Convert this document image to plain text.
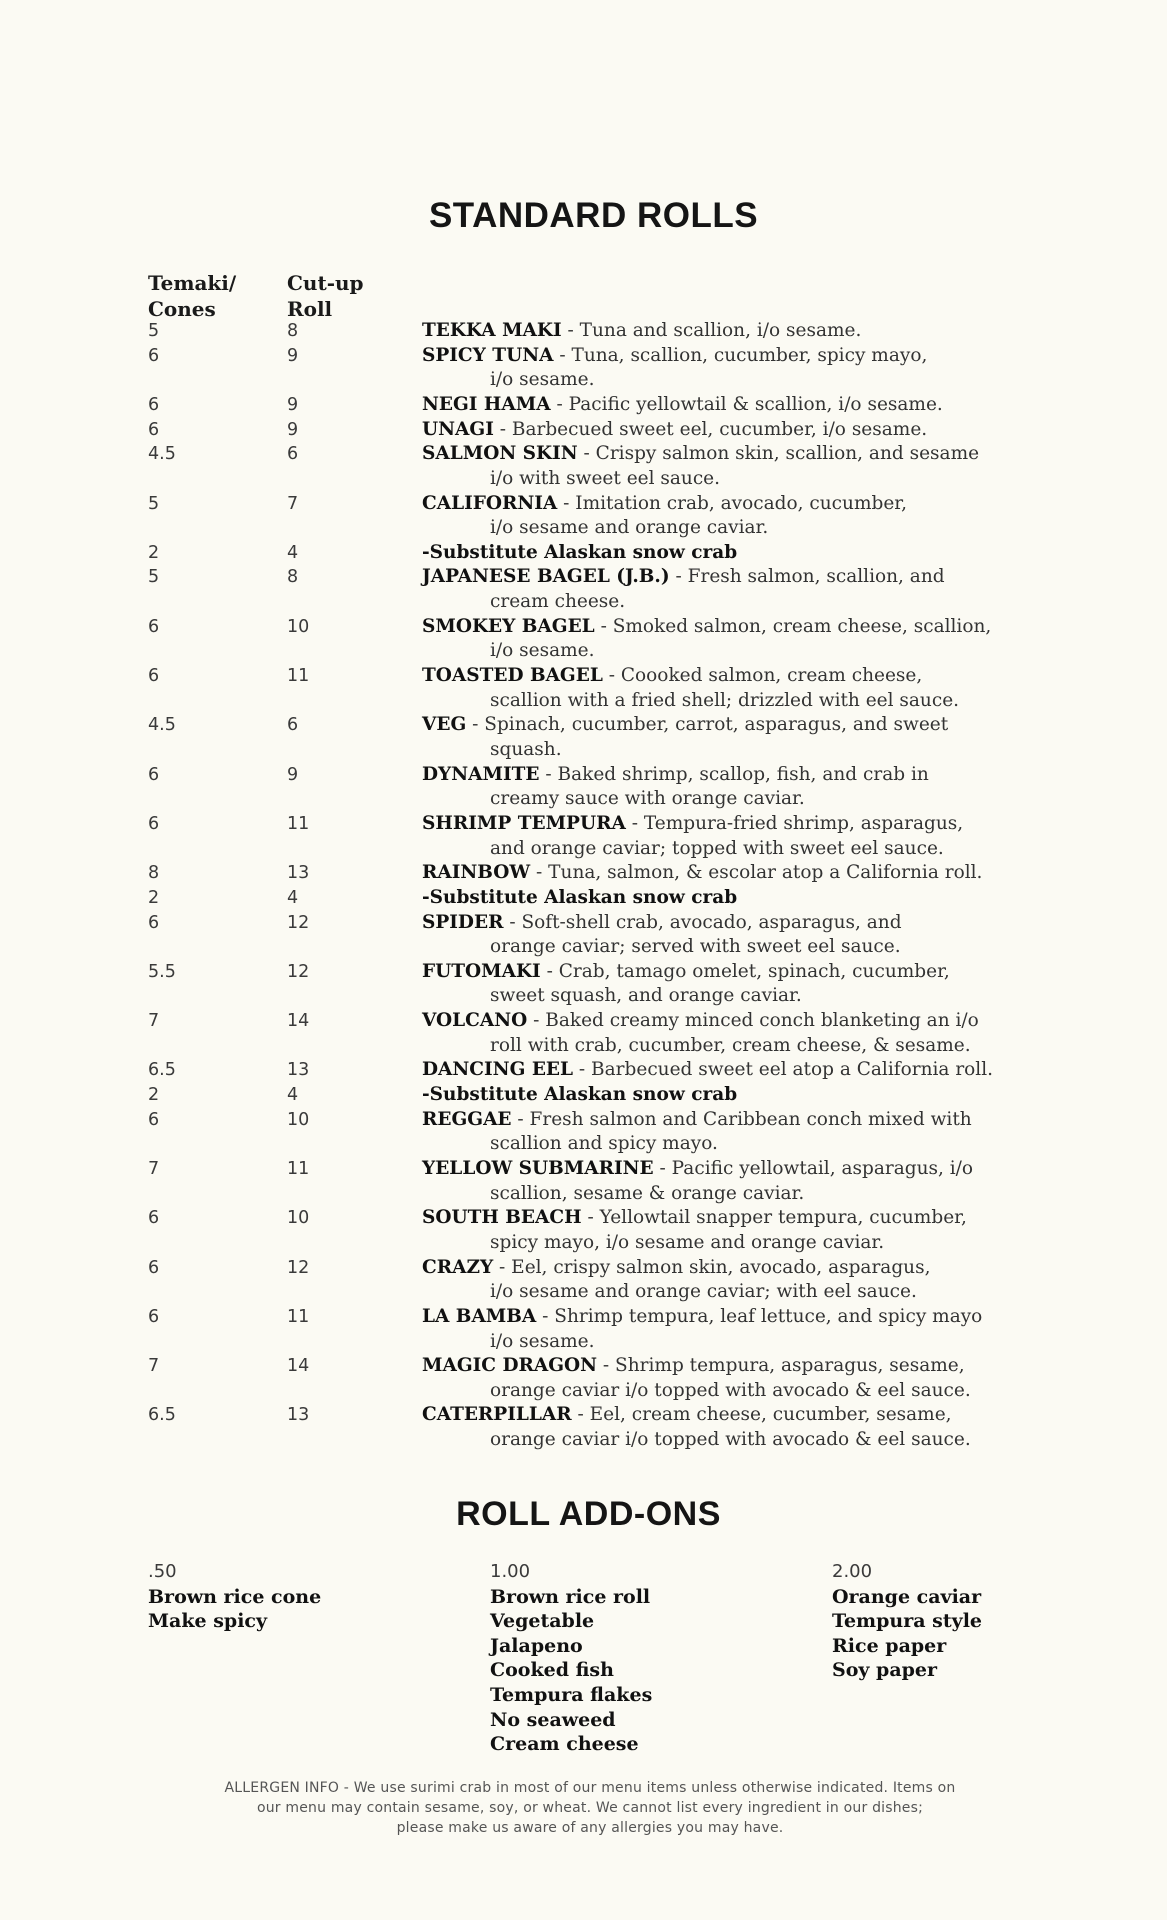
STANDARD ROLLS
Temaki/
Cones
Cut-up
Roll
5	8	TEKKA MAKI - Tuna and scallion, i/o sesame.
6	9	SPICY TUNA - Tuna, scallion, cucumber, spicy mayo,
i/o sesame.
6	9	NEGI HAMA - Pacific yellowtail & scallion, i/o sesame.
6	9	UNAGI - Barbecued sweet eel, cucumber, i/o sesame.
4.5	6	SALMON SKIN - Crispy salmon skin, scallion, and sesame
i/o with sweet eel sauce.
5	7	CALIFORNIA - Imitation crab, avocado, cucumber,
i/o sesame and orange caviar.
2	4	-Substitute Alaskan snow crab
5	8	JAPANESE BAGEL (J.B.) - Fresh salmon, scallion, and
cream cheese.
6	10	SMOKEY BAGEL - Smoked salmon, cream cheese, scallion,
i/o sesame.
6	11	TOASTED BAGEL - Coooked salmon, cream cheese,
scallion with a fried shell; drizzled with eel sauce.
4.5	6	VEG - Spinach, cucumber, carrot, asparagus, and sweet
squash.
6	9	DYNAMITE - Baked shrimp, scallop, fish, and crab in
creamy sauce with orange caviar.
6	11	SHRIMP TEMPURA - Tempura-fried shrimp, asparagus,
and orange caviar; topped with sweet eel sauce.
8	13	RAINBOW - Tuna, salmon, & escolar atop a California roll.
2	4	-Substitute Alaskan snow crab
6	12	SPIDER - Soft-shell crab, avocado, asparagus, and
orange caviar; served with sweet eel sauce.
5.5	12	FUTOMAKI - Crab, tamago omelet, spinach, cucumber,
sweet squash, and orange caviar.
7	14	VOLCANO - Baked creamy minced conch blanketing an i/o
roll with crab, cucumber, cream cheese, & sesame.
6.5	13	DANCING EEL - Barbecued sweet eel atop a California roll.
2	4	-Substitute Alaskan snow crab
6	10	REGGAE - Fresh salmon and Caribbean conch mixed with
scallion and spicy mayo.
7	11	YELLOW SUBMARINE - Pacific yellowtail, asparagus, i/o
scallion, sesame & orange caviar.
6	10	SOUTH BEACH - Yellowtail snapper tempura, cucumber,
spicy mayo, i/o sesame and orange caviar.
6	12	CRAZY - Eel, crispy salmon skin, avocado, asparagus,
i/o sesame and orange caviar; with eel sauce.
6	11	LA BAMBA - Shrimp tempura, leaf lettuce, and spicy mayo
i/o sesame.
7	14	MAGIC DRAGON - Shrimp tempura, asparagus, sesame,
orange caviar i/o topped with avocado & eel sauce.
6.5	13	CATERPILLAR - Eel, cream cheese, cucumber, sesame,
orange caviar i/o topped with avocado & eel sauce.
ROLL ADD-ONS
.50
Brown rice cone
Make spicy
1.00
Brown rice roll
Vegetable
Jalapeno
Cooked fish
Tempura flakes
No seaweed
Cream cheese
2.00
Orange caviar
Tempura style
Rice paper
Soy paper
ALLERGEN INFO - We use surimi crab in most of our menu items unless otherwise indicated. Items on
our menu may contain sesame, soy, or wheat. We cannot list every ingredient in our dishes;
please make us aware of any allergies you may have.
